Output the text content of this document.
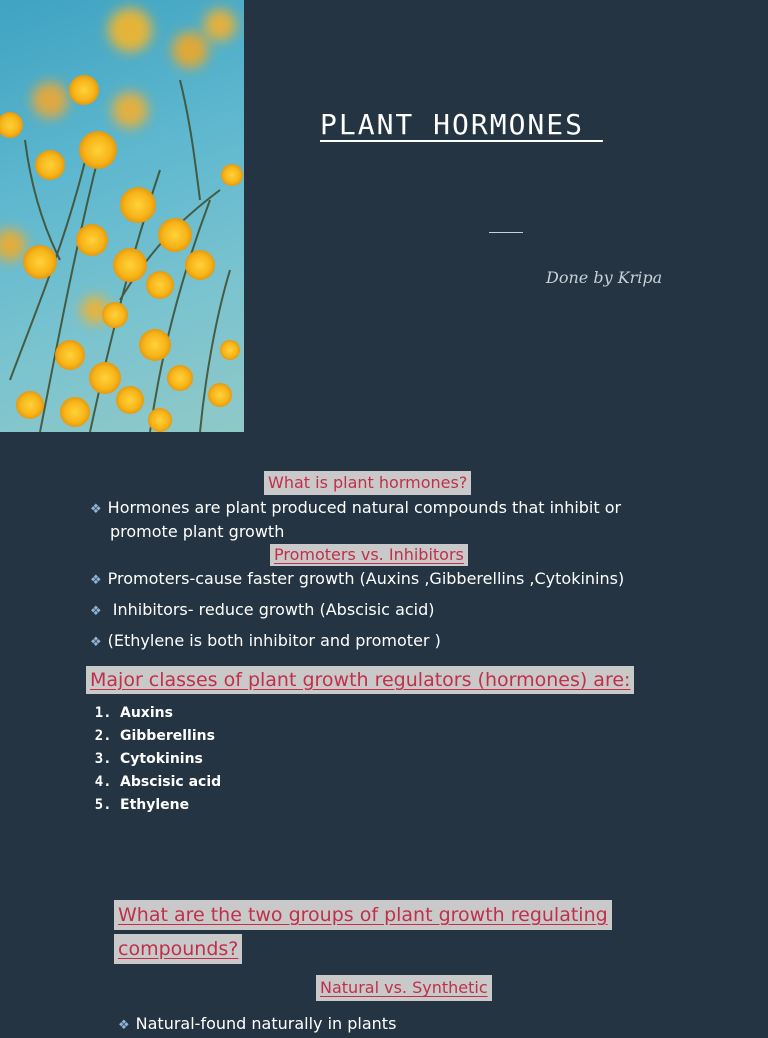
PLANT HORMONES
Done by Kripa
What is plant hormones?
❖ Hormones are plant produced natural compounds that inhibit or
promote plant growth
Promoters vs. Inhibitors
❖ Promoters-cause faster growth (Auxins ,Gibberellins ,Cytokinins)
❖ Inhibitors- reduce growth (Abscisic acid)
❖ (Ethylene is both inhibitor and promoter )
Major classes of plant growth regulators (hormones) are:
1. Auxins
2. Gibberellins
3. Cytokinins
4. Abscisic acid
5. Ethylene
What are the two groups of plant growth regulating
compounds?
Natural vs. Synthetic
❖ Natural-found naturally in plants
